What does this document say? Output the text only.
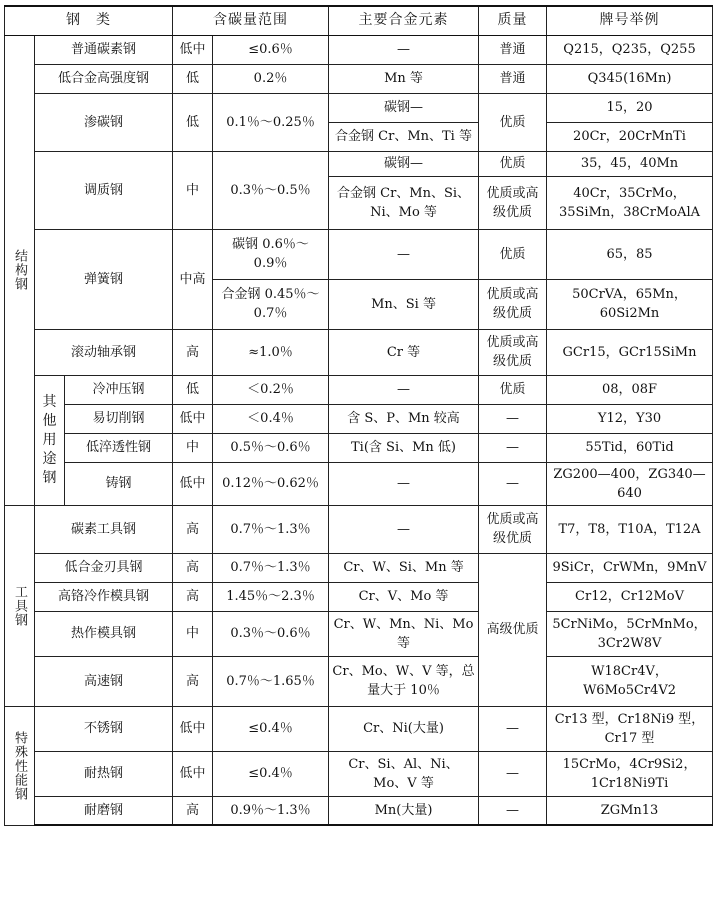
钢　类			含碳量范围		主要合金元素	质量	牌号举例
结构钢	普通碳素钢		低中	≤0.6％	—	普通	Q215，Q235，Q255
	低合金高强度钢		低	0.2％	Mn 等	普通	Q345(16Mn)
	渗碳钢		低	0.1％～0.25％	碳钢—	优质	15，20
					合金钢 Cr、Mn、Ti 等		20Cr，20CrMnTi
	调质钢		中	0.3％～0.5％	碳钢—	优质	35，45，40Mn
					合金钢 Cr、Mn、Si、Ni、Mo 等	优质或高级优质	40Cr，35CrMo，35SiMn，38CrMoAlA
	弹簧钢		中高	碳钢 0.6％～0.9％	—	优质	65，85
				合金钢 0.45％～0.7％	Mn、Si 等	优质或高级优质	50CrVA，65Mn，60Si2Mn
	滚动轴承钢		高	≈1.0％	Cr 等	优质或高级优质	GCr15，GCr15SiMn
	其他用途钢	冷冲压钢	低	＜0.2％	—	优质	08，08F
		易切削钢	低中	＜0.4％	含 S、P、Mn 较高	—	Y12，Y30
		低淬透性钢	中	0.5％～0.6％	Ti(含 Si、Mn 低)	—	55Tid，60Tid
		铸钢	低中	0.12％～0.62％	—	—	ZG200—400，ZG340—640

工具钢	碳素工具钢		高	0.7％～1.3％	—	优质或高级优质	T7，T8，T10A，T12A
	低合金刃具钢		高	0.7％～1.3％	Cr、W、Si、Mn 等	高级优质	9SiCr，CrWMn，9MnV
	高铬冷作模具钢		高	1.45％～2.3％	Cr、V、Mo 等		Cr12，Cr12MoV
	热作模具钢		中	0.3％～0.6％	Cr、W、Mn、Ni、Mo 等		5CrNiMo，5CrMnMo，3Cr2W8V
	高速钢		高	0.7％～1.65％	Cr、Mo、W、V 等，总量大于 10％		W18Cr4V，W6Mo5Cr4V2
特殊性能钢	不锈钢		低中	≤0.4％	Cr、Ni(大量)	—	Cr13 型，Cr18Ni9 型，Cr17 型
	耐热钢		低中	≤0.4％	Cr、Si、Al、Ni、Mo、V 等	—	15CrMo，4Cr9Si2，1Cr18Ni9Ti
	耐磨钢		高	0.9％～1.3％	Mn(大量)	—	ZGMn13
